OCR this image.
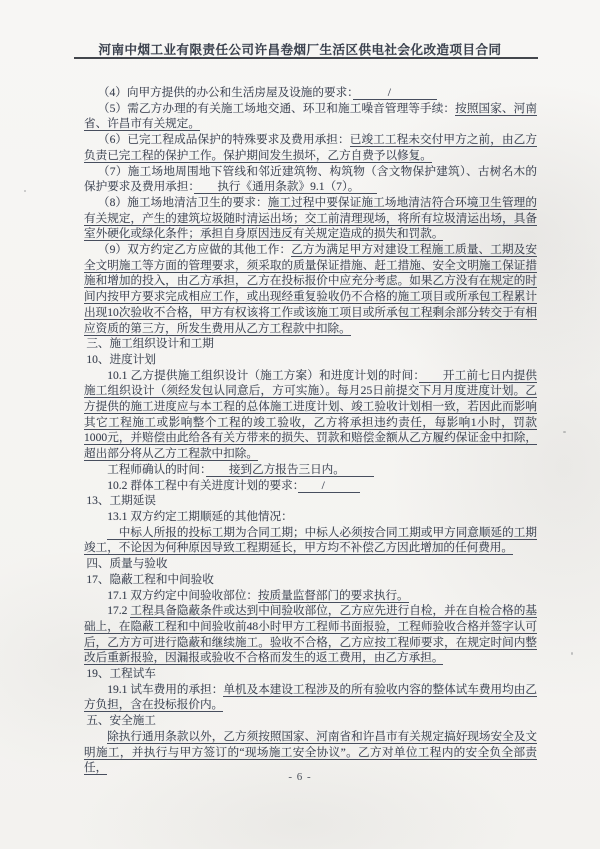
河南中烟工业有限责任公司许昌卷烟厂生活区供电社会化改造项目合同

（4）向甲方提供的办公和生活房屋及设施的要求：　　　/　　　　

（5）需乙方办理的有关施工场地交通、环卫和施工噪音管理等手续：按照国家、河南省、许昌市有关规定。

（6）已完工程成品保护的特殊要求及费用承担：已竣工工程未交付甲方之前，由乙方负责已完工程的保护工作。保护期间发生损坏，乙方自费予以修复。

（7）施工场地周围地下管线和邻近建筑物、构筑物（含文物保护建筑）、古树名木的保护要求及费用承担：　　执行《通用条款》9.1（7）。　　

（8）施工场地清洁卫生的要求：施工过程中要保证施工场地清洁符合环境卫生管理的有关规定，产生的建筑垃圾随时清运出场；交工前清理现场，将所有垃圾清运出场，具备室外硬化或绿化条件；承担自身原因违反有关规定造成的损失和罚款。

（9）双方约定乙方应做的其他工作：乙方为满足甲方对建设工程施工质量、工期及安全文明施工等方面的管理要求，须采取的质量保证措施、赶工措施、安全文明施工保证措施和增加的投入，由乙方承担，乙方在投标报价中应充分考虑。如果乙方没有在规定的时间内按甲方要求完成相应工作，或出现经重复验收仍不合格的施工项目或所承包工程累计出现10次验收不合格，甲方有权该将工作或该施工项目或所承包工程剩余部分转交于有相应资质的第三方，所发生费用从乙方工程款中扣除。

三、施工组织设计和工期

10、进度计划

10.1 乙方提供施工组织设计（施工方案）和进度计划的时间：　　开工前七日内提供施工组织设计（须经发包认同意后，方可实施）。每月25日前提交下月月度进度计划。乙方提供的施工进度应与本工程的总体施工进度计划、竣工验收计划相一致，若因此而影响其它工程施工或影响整个工程的竣工验收，乙方将承担违约责任，每影响1小时，罚款1000元，并赔偿由此给各有关方带来的损失、罚款和赔偿金额从乙方履约保证金中扣除，超出部分将从乙方工程款中扣除。

工程师确认的时间：　　接到乙方报告三日内。　　　

10.2 群体工程中有关进度计划的要求：　　/　　　

13、工期延误

13.1 双方约定工期顺延的其他情况：

　中标人所报的投标工期为合同工期；中标人必须按合同工期或甲方同意顺延的工期竣工，不论因为何种原因导致工程期延长，甲方均不补偿乙方因此增加的任何费用。

四、质量与验收

17、隐蔽工程和中间验收

17.1 双方约定中间验收部位：按质量监督部门的要求执行。

17.2 工程具备隐蔽条件或达到中间验收部位，乙方应先进行自检，并在自检合格的基础上，在隐蔽工程和中间验收前48小时甲方工程师书面报验，工程师验收合格并签字认可后，乙方方可进行隐蔽和继续施工。验收不合格，乙方应按工程师要求，在规定时间内整改后重新报验，因漏报或验收不合格而发生的返工费用，由乙方承担。

19、工程试车

19.1 试车费用的承担：单机及本建设工程涉及的所有验收内容的整体试车费用均由乙方负担，含在投标报价内。

五、安全施工

除执行通用条款以外，乙方须按照国家、河南省和许昌市有关规定搞好现场安全及文明施工，并执行与甲方签订的“现场施工安全协议”。乙方对单位工程内的安全负全部责任，

- 6 -
